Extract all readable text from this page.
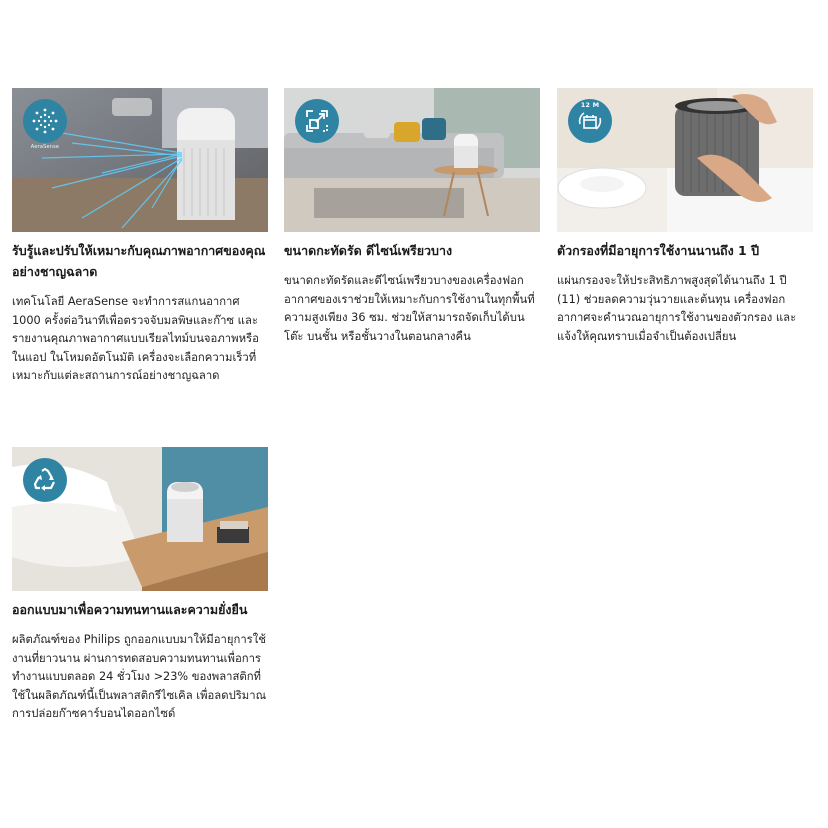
AeraSense
รับรู้และปรับให้เหมาะกับคุณภาพอากาศของคุณอย่างชาญฉลาด
เทคโนโลยี AeraSense จะทำการสแกนอากาศ 1000 ครั้งต่อวินาทีเพื่อตรวจจับมลพิษและก๊าซ และรายงานคุณภาพอากาศแบบเรียลไทม์บนจอภาพหรือในแอป ในโหมดอัตโนมัติ เครื่องจะเลือกความเร็วที่เหมาะกับแต่ละสถานการณ์อย่างชาญฉลาด
ขนาดกะทัดรัด ดีไซน์เพรียวบาง
ขนาดกะทัดรัดและดีไซน์เพรียวบางของเครื่องฟอกอากาศของเราช่วยให้เหมาะกับการใช้งานในทุกพื้นที่ ความสูงเพียง 36 ซม. ช่วยให้สามารถจัดเก็บได้บนโต๊ะ บนชั้น หรือชั้นวางในตอนกลางคืน
12 M
ตัวกรองที่มีอายุการใช้งานนานถึง 1 ปี
แผ่นกรองจะให้ประสิทธิภาพสูงสุดได้นานถึง 1 ปี (11) ช่วยลดความวุ่นวายและต้นทุน เครื่องฟอกอากาศจะคำนวณอายุการใช้งานของตัวกรอง และแจ้งให้คุณทราบเมื่อจำเป็นต้องเปลี่ยน
ออกแบบมาเพื่อความทนทานและความยั่งยืน
ผลิตภัณฑ์ของ Philips ถูกออกแบบมาให้มีอายุการใช้งานที่ยาวนาน ผ่านการทดสอบความทนทานเพื่อการทำงานแบบตลอด 24 ชั่วโมง >23% ของพลาสติกที่ใช้ในผลิตภัณฑ์นี้เป็นพลาสติกรีไซเคิล เพื่อลดปริมาณการปล่อยก๊าซคาร์บอนไดออกไซด์
